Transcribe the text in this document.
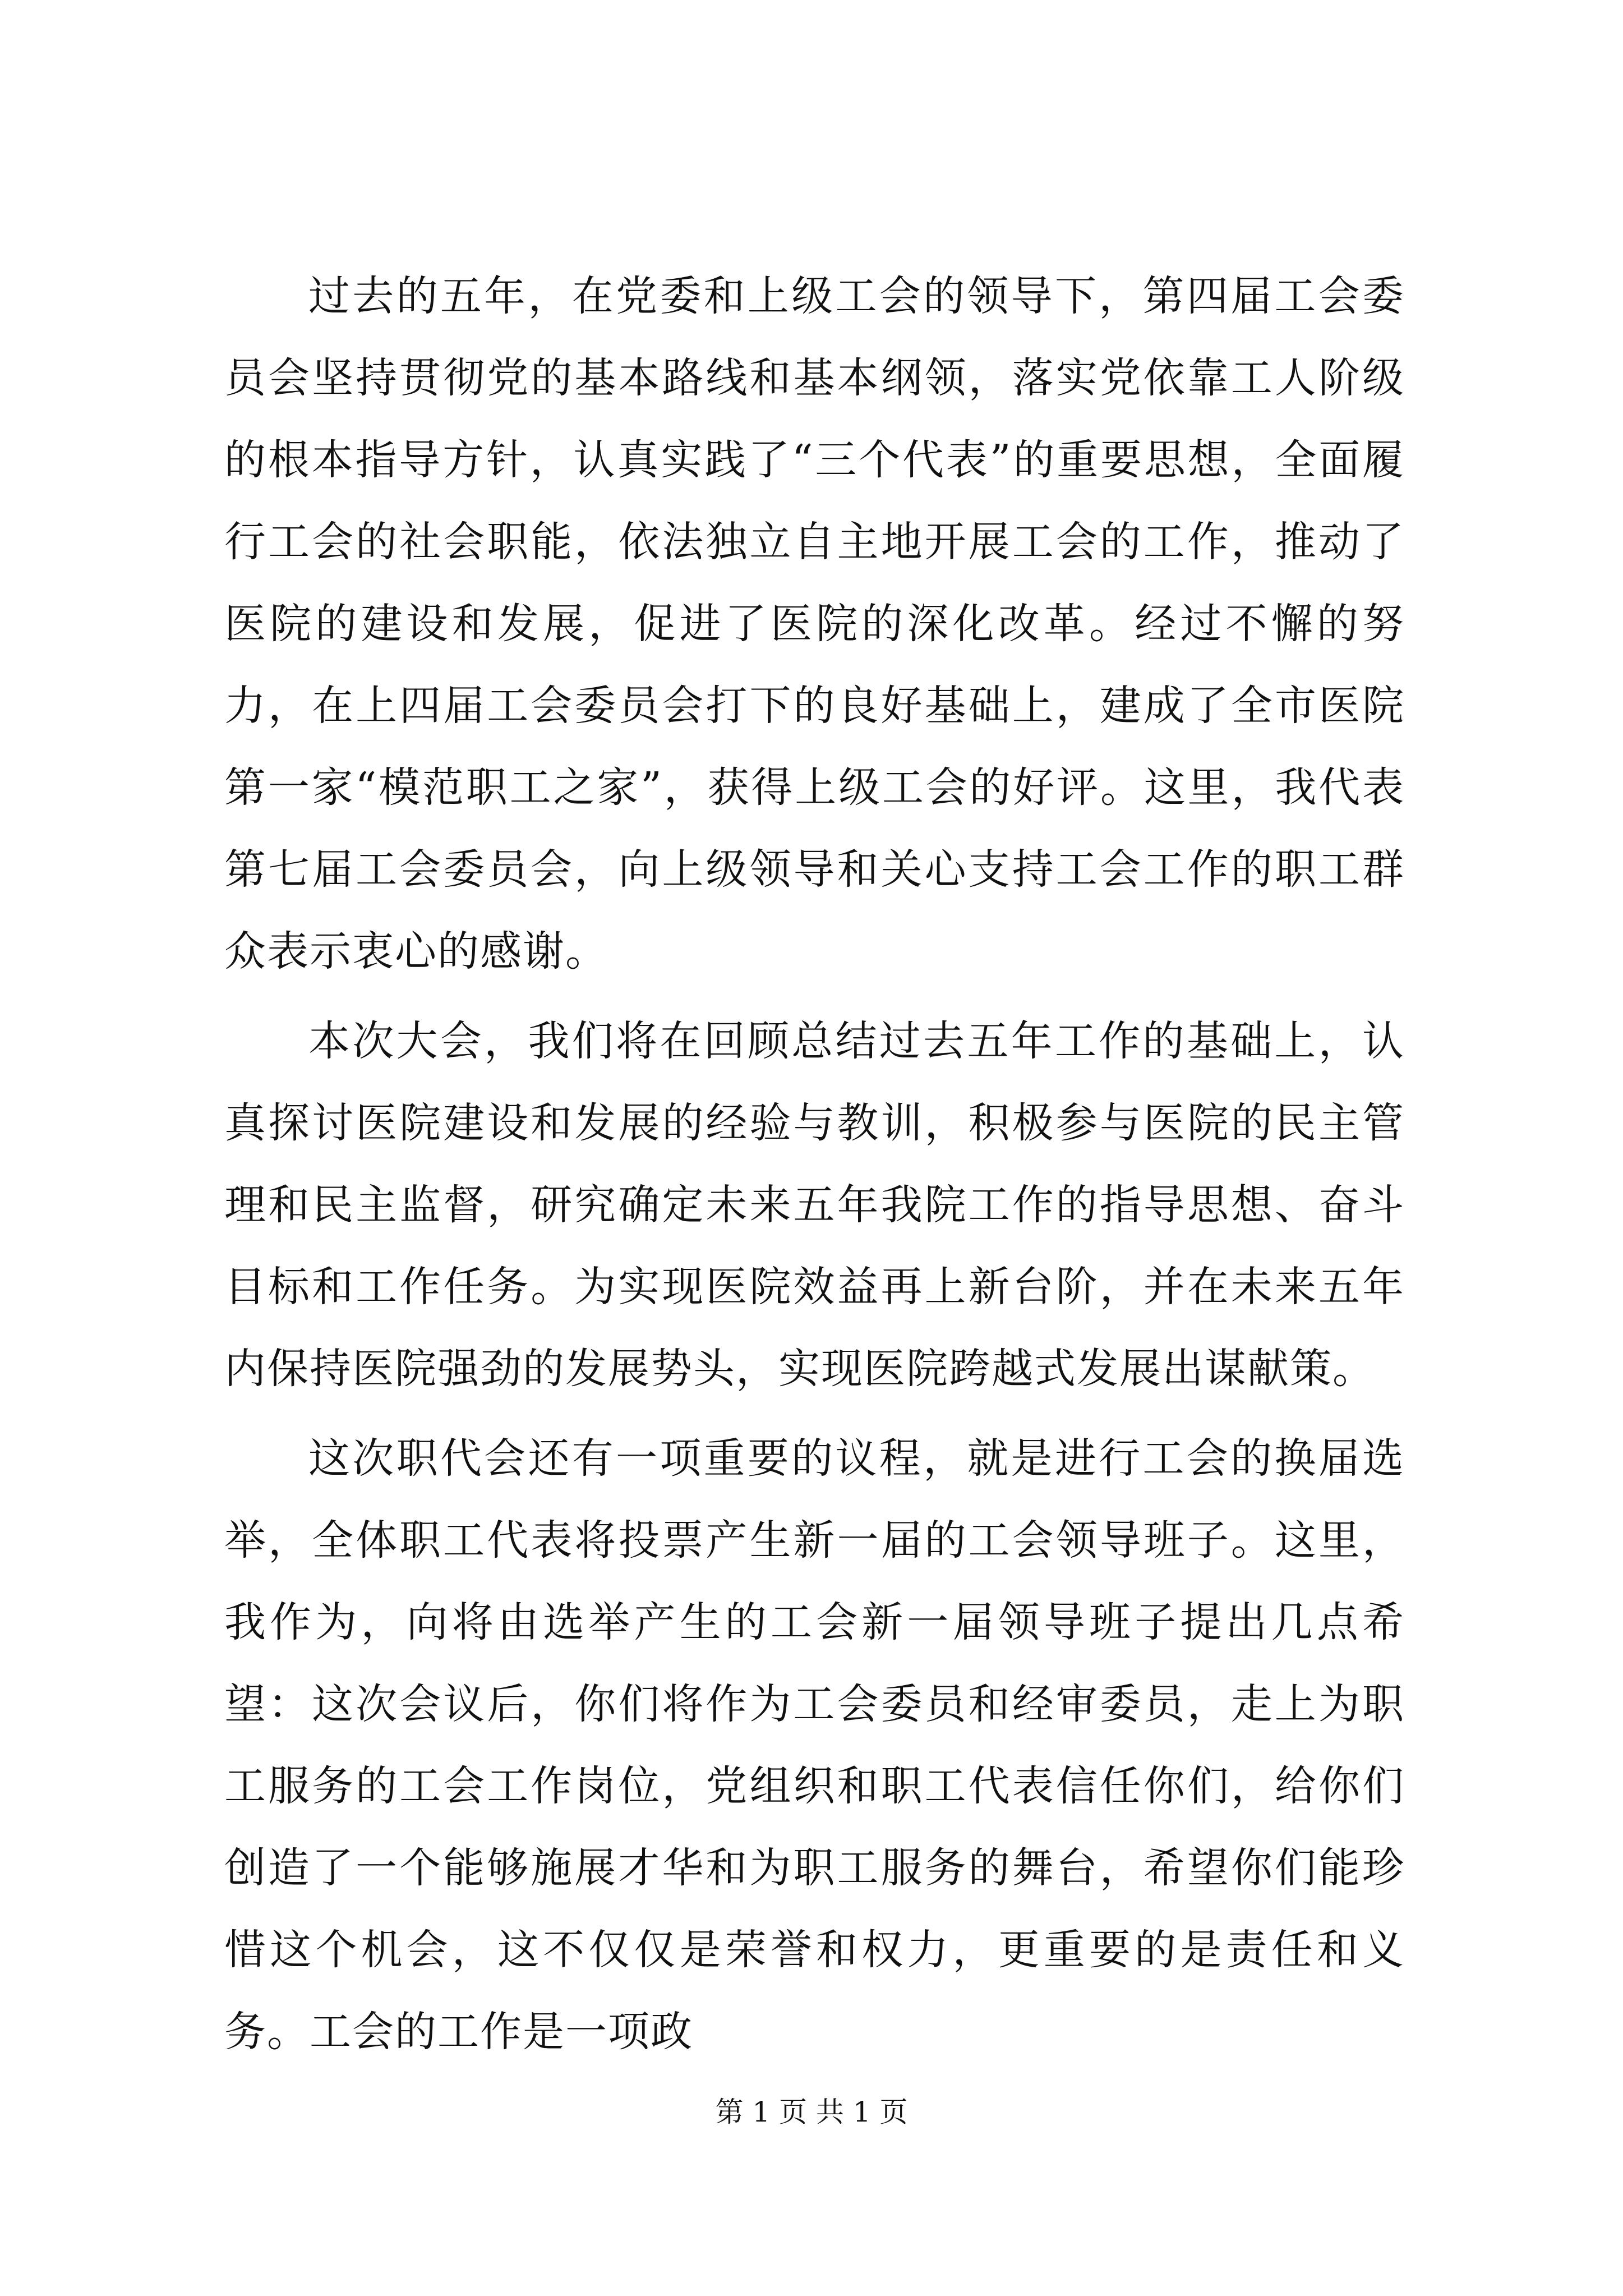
过去的五年，在党委和上级工会的领导下，第四届工会委员会坚持贯彻党的基本路线和基本纲领，落实党依靠工人阶级的根本指导方针，认真实践了“三个代表”的重要思想，全面履行工会的社会职能，依法独立自主地开展工会的工作，推动了医院的建设和发展，促进了医院的深化改革。经过不懈的努力，在上四届工会委员会打下的良好基础上，建成了全市医院第一家“模范职工之家”，获得上级工会的好评。这里，我代表第七届工会委员会，向上级领导和关心支持工会工作的职工群众表示衷心的感谢。

本次大会，我们将在回顾总结过去五年工作的基础上，认真探讨医院建设和发展的经验与教训，积极参与医院的民主管理和民主监督，研究确定未来五年我院工作的指导思想、奋斗目标和工作任务。为实现医院效益再上新台阶，并在未来五年内保持医院强劲的发展势头，实现医院跨越式发展出谋献策。

这次职代会还有一项重要的议程，就是进行工会的换届选举，全体职工代表将投票产生新一届的工会领导班子。这里，我作为，向将由选举产生的工会新一届领导班子提出几点希望：这次会议后，你们将作为工会委员和经审委员，走上为职工服务的工会工作岗位，党组织和职工代表信任你们，给你们创造了一个能够施展才华和为职工服务的舞台，希望你们能珍惜这个机会，这不仅仅是荣誉和权力，更重要的是责任和义务。工会的工作是一项政

第 1 页 共 1 页
